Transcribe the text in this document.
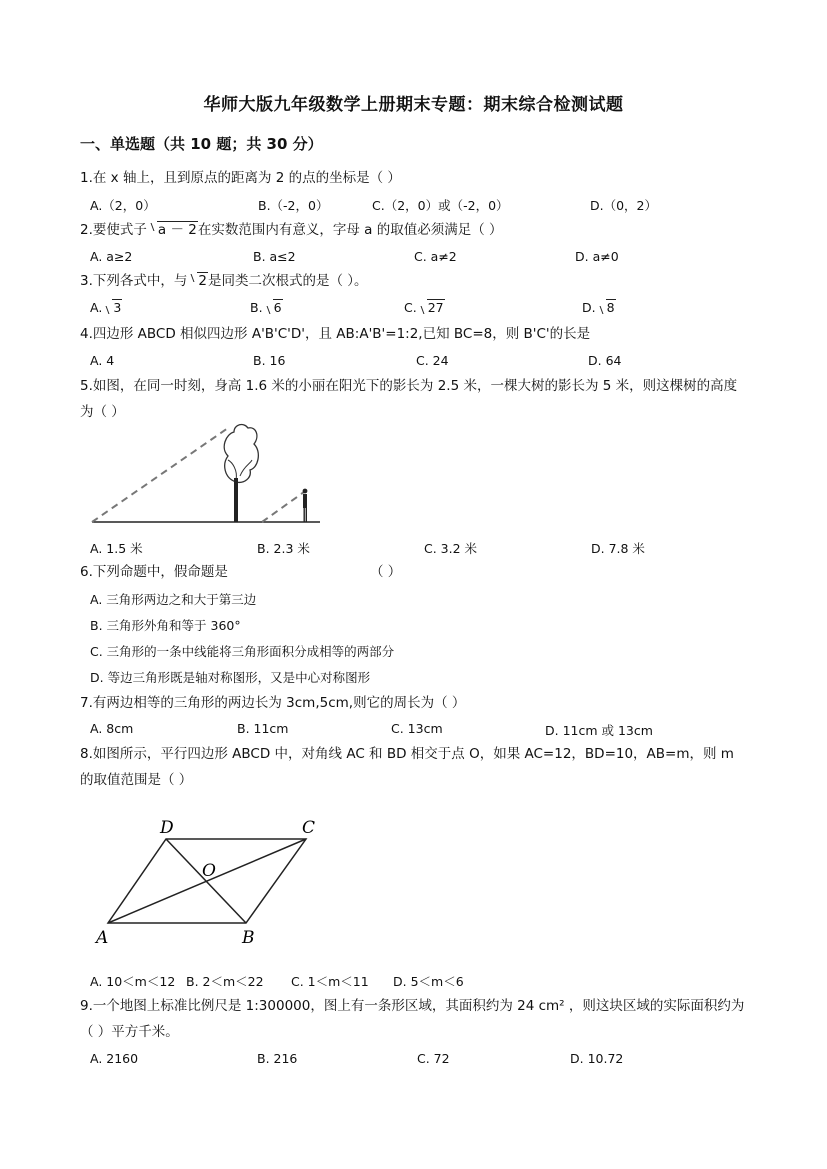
华师大版九年级数学上册期末专题：期末综合检测试题
一、单选题（共 10 题；共 30 分）
1.在 x 轴上，且到原点的距离为 2 的点的坐标是（ ）
A.（2，0）	B.（-2，0）	C.（2，0）或（-2，0）	D.（0，2）
2.要使式子 a － 2在实数范围内有意义，字母 a 的取值必须满足（ ）
A. a≥2	B. a≤2	C. a≠2	D. a≠0
3.下列各式中，与 2是同类二次根式的是（ ）。
A. 3	B. 6	C. 27	D. 8
4.四边形 ABCD 相似四边形 A'B'C'D'，且 AB:A'B'=1:2,已知 BC=8，则 B'C'的长是
A. 4	B. 16	C. 24	D. 64
5.如图，在同一时刻，身高 1.6 米的小丽在阳光下的影长为 2.5 米，一棵大树的影长为 5 米，则这棵树的高度为（ ）
A. 1.5 米	B. 2.3 米	C. 3.2 米	D. 7.8 米
6.下列命题中，假命题是	（ ）
A. 三角形两边之和大于第三边
B. 三角形外角和等于 360°
C. 三角形的一条中线能将三角形面积分成相等的两部分
D. 等边三角形既是轴对称图形，又是中心对称图形
7.有两边相等的三角形的两边长为 3cm,5cm,则它的周长为（ ）
A. 8cm	B. 11cm	C. 13cm	D. 11cm 或 13cm
8.如图所示，平行四边形 ABCD 中，对角线 AC 和 BD 相交于点 O，如果 AC=12，BD=10，AB=m，则 m 的取值范围是（ ）
A	B
C
D
O
A. 10＜m＜12 B. 2＜m＜22 C. 1＜m＜11 D. 5＜m＜6
9.一个地图上标准比例尺是 1:300000，图上有一条形区域，其面积约为 24 cm² ，则这块区域的实际面积约为（ ）平方千米。
A. 2160	B. 216	C. 72	D. 10.72
